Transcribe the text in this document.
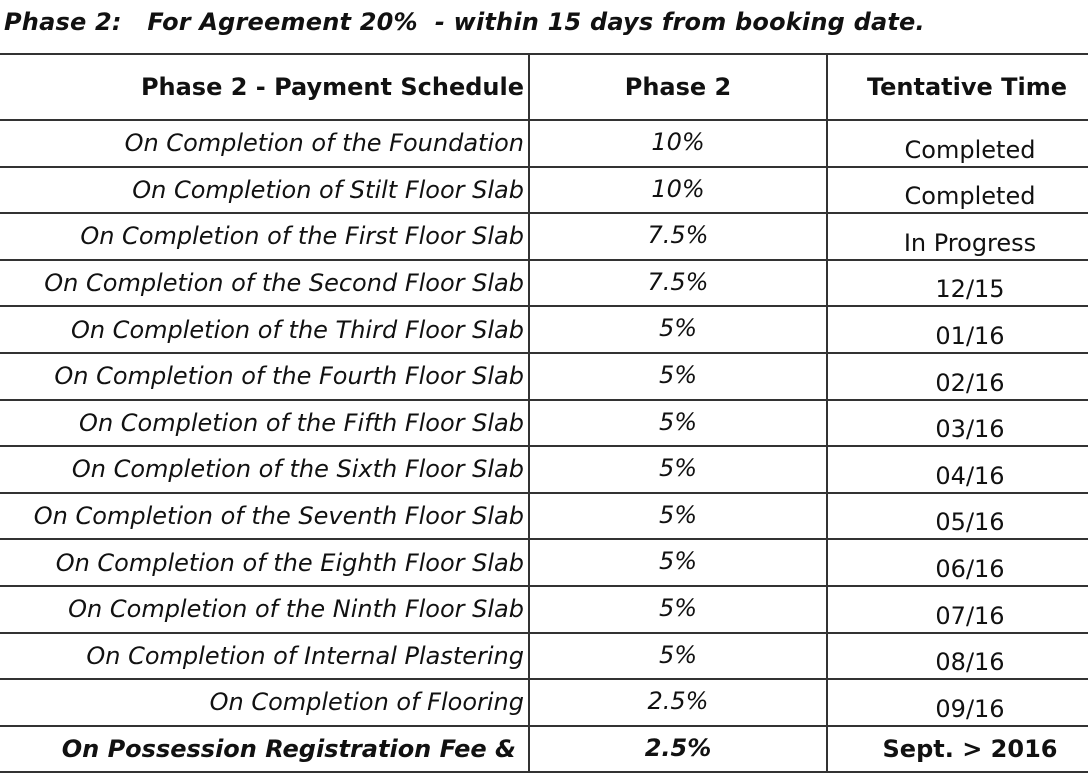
Phase 2:   For Agreement 20%  - within 15 days from booking date.
Phase 2 - Payment Schedule	Phase 2	Tentative Time
On Completion of the Foundation	10%	Completed
On Completion of Stilt Floor Slab	10%	Completed
On Completion of the First Floor Slab	7.5%	In Progress
On Completion of the Second Floor Slab	7.5%	12/15
On Completion of the Third Floor Slab	5%	01/16
On Completion of the Fourth Floor Slab	5%	02/16
On Completion of the Fifth Floor Slab	5%	03/16
On Completion of the Sixth Floor Slab	5%	04/16
On Completion of the Seventh Floor Slab	5%	05/16
On Completion of the Eighth Floor Slab	5%	06/16
On Completion of the Ninth Floor Slab	5%	07/16
On Completion of Internal Plastering	5%	08/16
On Completion of Flooring	2.5%	09/16
On Possession Registration Fee &	2.5%	Sept. > 2016
